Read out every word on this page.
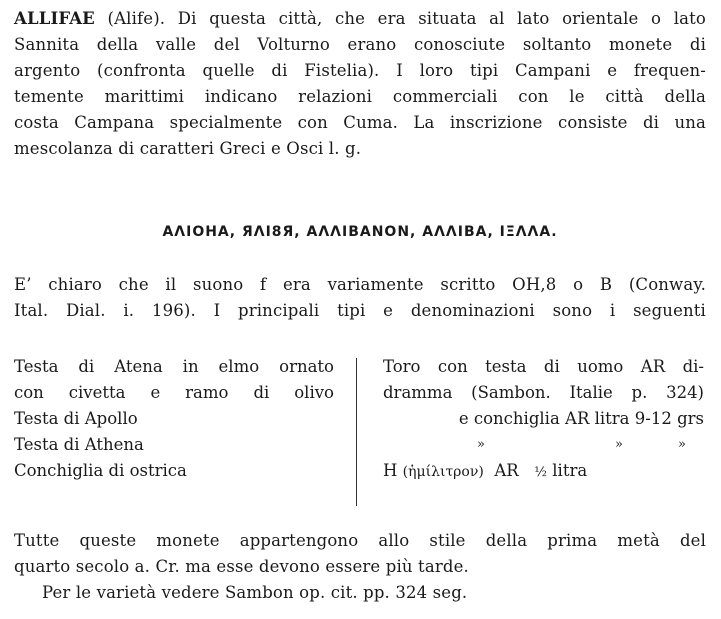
ALLIFAE (Alife). Di questa città, che era situata al lato orientale o lato
Sannita della valle del Volturno erano conosciute soltanto monete di
argento (confronta quelle di Fistelia). I loro tipi Campani e frequen-
temente marittimi indicano relazioni commerciali con le città della
costa Campana specialmente con Cuma. La inscrizione consiste di una
mescolanza di caratteri Greci e Osci l. g.

ΑΛΙΟΗΑ, ЯΛΙ8Я, ΑΛΛΙΒΑΝΟΝ, ΑΛΛΙΒΑ, ΙΞΛΛΑ.

E’ chiaro che il suono f era variamente scritto OH,8 o B (Conway.
Ital. Dial. i. 196). I principali tipi e denominazioni sono i seguenti

Testa di Atena in elmo ornato
con civetta e ramo di olivo
Testa di Apollo
Testa di Athena
Conchiglia di ostrica
Toro con testa di uomo AR di-
dramma (Sambon. Italie p. 324)
e conchiglia AR litra 9-12 grs
»	»	»
H (ἡμίλιτρον) AR ½ litra

Tutte queste monete appartengono allo stile della prima metà del
quarto secolo a. Cr. ma esse devono essere più tarde.
Per le varietà vedere Sambon op. cit. pp. 324 seg.
